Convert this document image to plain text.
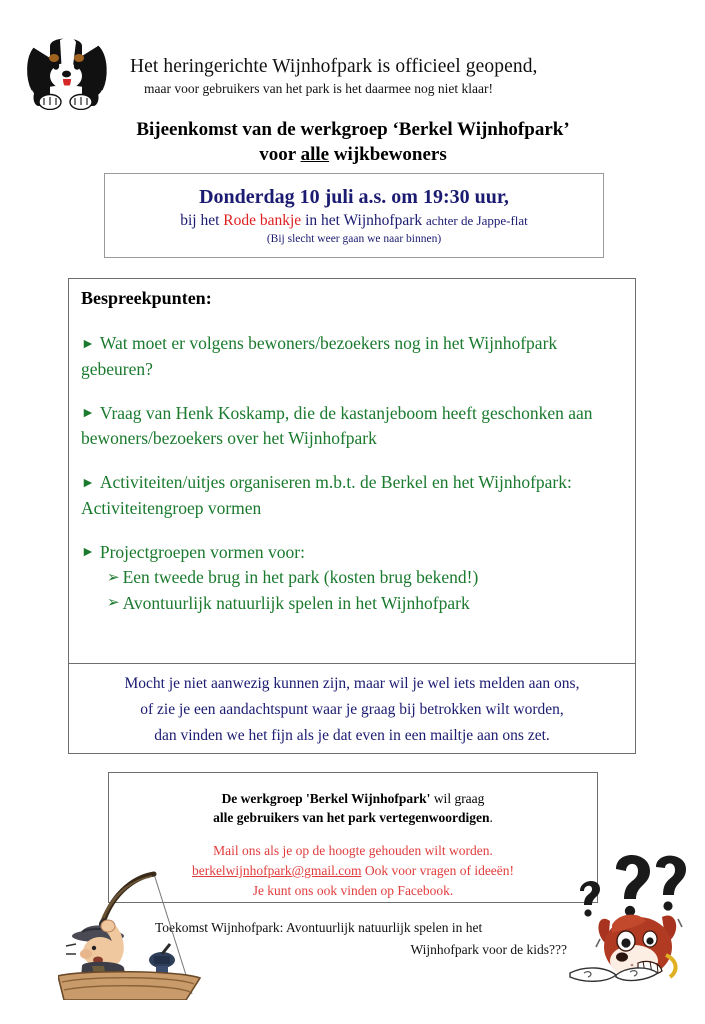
Het heringerichte Wijnhofpark is officieel geopend,
maar voor gebruikers van het park is het daarmee nog niet klaar!
Bijeenkomst van de werkgroep ‘Berkel Wijnhofpark’
voor alle wijkbewoners
Donderdag 10 juli a.s. om 19:30 uur,
bij het Rode bankje in het Wijnhofpark achter de Jappe-flat
(Bij slecht weer gaan we naar binnen)
Bespreekpunten:
► Wat moet er volgens bewoners/bezoekers nog in het Wijnhofpark gebeuren?
► Vraag van Henk Koskamp, die de kastanjeboom heeft geschonken aan bewoners/bezoekers over het Wijnhofpark
► Activiteiten/uitjes organiseren m.b.t. de Berkel en het Wijnhofpark: Activiteitengroep vormen
► Projectgroepen vormen voor:
➢ Een tweede brug in het park (kosten brug bekend!)
➢ Avontuurlijk natuurlijk spelen in het Wijnhofpark
Mocht je niet aanwezig kunnen zijn, maar wil je wel iets melden aan ons,
of zie je een aandachtspunt waar je graag bij betrokken wilt worden,
dan vinden we het fijn als je dat even in een mailtje aan ons zet.
De werkgroep 'Berkel Wijnhofpark' wil graag
alle gebruikers van het park vertegenwoordigen.
Mail ons als je op de hoogte gehouden wilt worden.
berkelwijnhofpark@gmail.com Ook voor vragen of ideeën!
Je kunt ons ook vinden op Facebook.
Toekomst Wijnhofpark: Avontuurlijk natuurlijk spelen in het
Wijnhofpark voor de kids???
